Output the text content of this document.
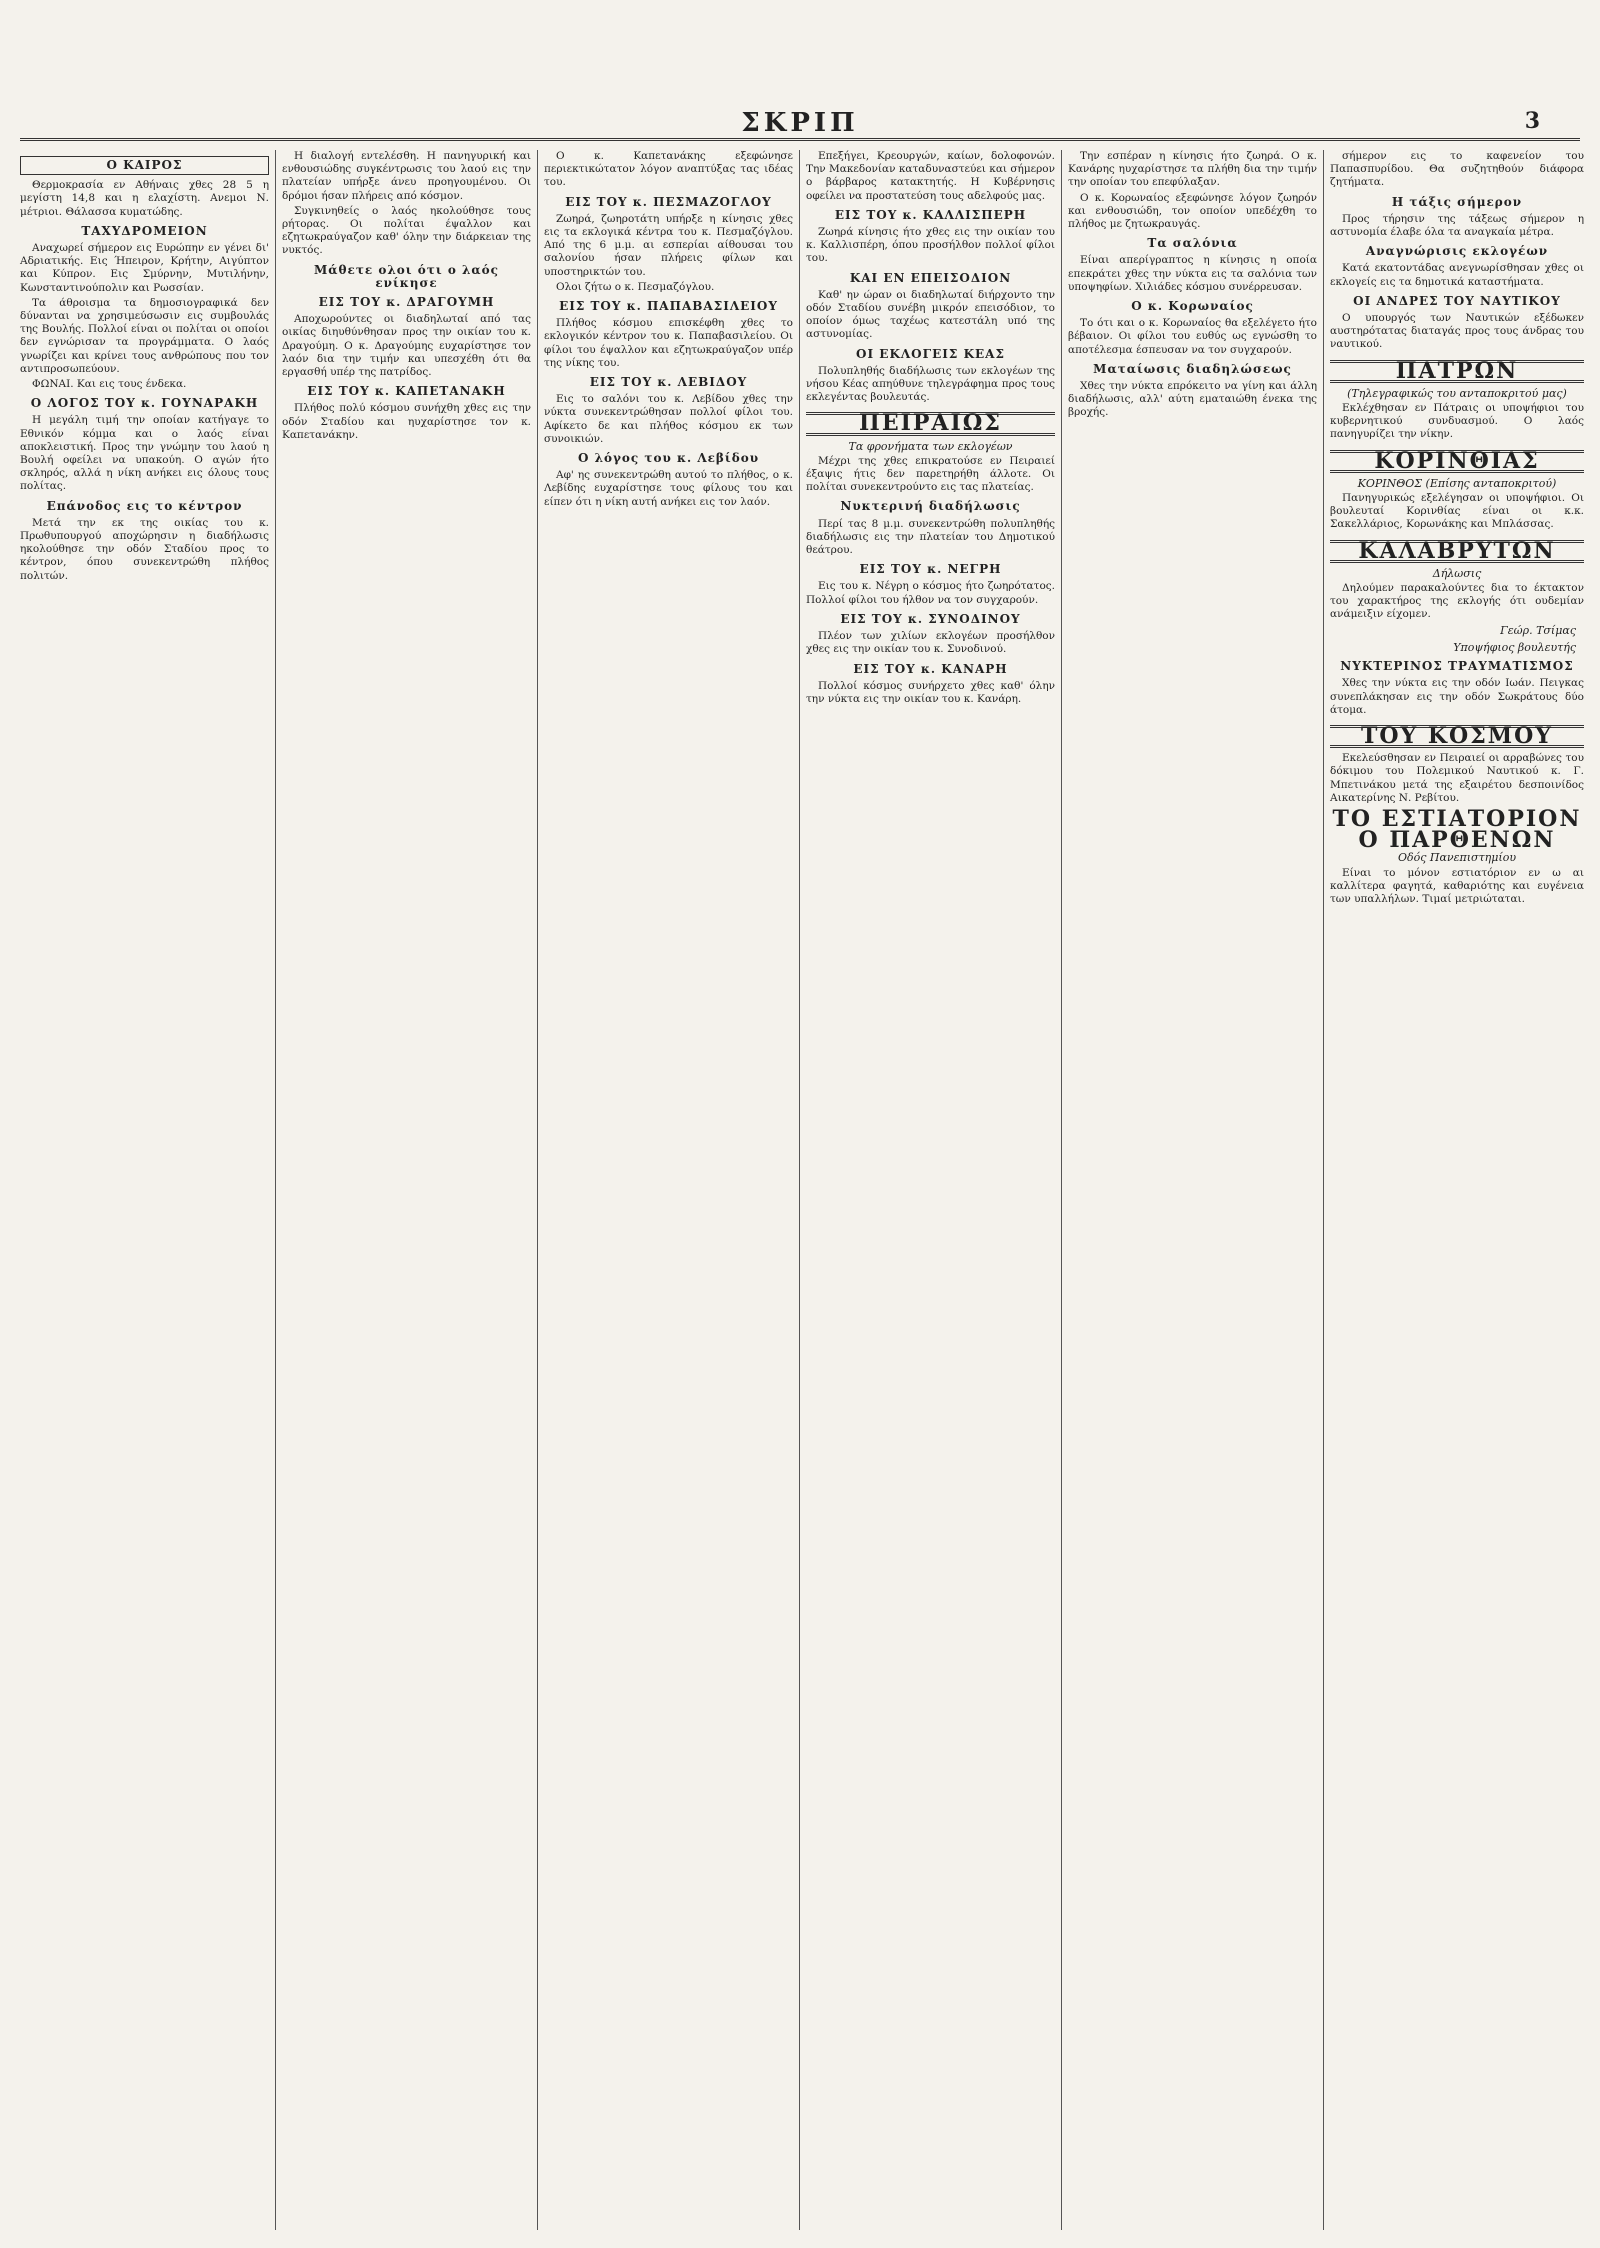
ΣΚΡΙΠ	3
Ο ΚΑΙΡΟΣ

Θερμοκρασία εν Αθήναις χθες 28 5 η μεγίστη 14,8 και η ελαχίστη. Ανεμοι Ν. μέτριοι. Θάλασσα κυματώδης.

ΤΑΧΥΔΡΟΜΕΙΟΝ

Αναχωρεί σήμερον εις Ευρώπην εν γένει δι' Αδριατικής. Εις Ήπειρον, Κρήτην, Αιγύπτον και Κύπρον. Εις Σμύρνην, Μυτιλήνην, Κωνσταντινούπολιν και Ρωσσίαν.

Τα άθροισμα τα δημοσιογραφικά δεν δύνανται να χρησιμεύσωσιν εις συμβουλάς της Βουλής. Πολλοί είναι οι πολίται οι οποίοι δεν εγνώρισαν τα προγράμματα. Ο λαός γνωρίζει και κρίνει τους ανθρώπους που τον αντιπροσωπεύουν.

ΦΩΝΑΙ. Και εις τους ένδεκα.

Ο ΛΟΓΟΣ ΤΟΥ κ. ΓΟΥΝΑΡΑΚΗ

Η μεγάλη τιμή την οποίαν κατήγαγε το Εθνικόν κόμμα και ο λαός είναι αποκλειστική. Προς την γνώμην του λαού η Βουλή οφείλει να υπακούη. Ο αγών ήτο σκληρός, αλλά η νίκη ανήκει εις όλους τους πολίτας.

Επάνοδος εις το κέντρον

Μετά την εκ της οικίας του κ. Πρωθυπουργού αποχώρησιν η διαδήλωσις ηκολούθησε την οδόν Σταδίου προς το κέντρον, όπου συνεκεντρώθη πλήθος πολιτών.

Η διαλογή εντελέσθη. Η πανηγυρική και ενθουσιώδης συγκέντρωσις του λαού εις την πλατείαν υπήρξε άνευ προηγουμένου. Οι δρόμοι ήσαν πλήρεις από κόσμον.

Συγκινηθείς ο λαός ηκολούθησε τους ρήτορας. Οι πολίται έψαλλον και εζητωκραύγαζον καθ' όλην την διάρκειαν της νυκτός.

Μάθετε ολοι ότι ο λαός ενίκησε
ΕΙΣ ΤΟΥ κ. ΔΡΑΓΟΥΜΗ

Αποχωρούντες οι διαδηλωταί από τας οικίας διηυθύνθησαν προς την οικίαν του κ. Δραγούμη. Ο κ. Δραγούμης ευχαρίστησε τον λαόν δια την τιμήν και υπεσχέθη ότι θα εργασθή υπέρ της πατρίδος.

ΕΙΣ ΤΟΥ κ. ΚΑΠΕΤΑΝΑΚΗ

Πλήθος πολύ κόσμου συνήχθη χθες εις την οδόν Σταδίου και ηυχαρίστησε τον κ. Καπετανάκην.

Ο κ. Καπετανάκης εξεφώνησε περιεκτικώτατον λόγον αναπτύξας τας ιδέας του.

ΕΙΣ ΤΟΥ κ. ΠΕΣΜΑΖΟΓΛΟΥ

Ζωηρά, ζωηροτάτη υπήρξε η κίνησις χθες εις τα εκλογικά κέντρα του κ. Πεσμαζόγλου. Από της 6 μ.μ. αι εσπερίαι αίθουσαι του σαλονίου ήσαν πλήρεις φίλων και υποστηρικτών του.

Ολοι ζήτω ο κ. Πεσμαζόγλου.

ΕΙΣ ΤΟΥ κ. ΠΑΠΑΒΑΣΙΛΕΙΟΥ

Πλήθος κόσμου επισκέφθη χθες το εκλογικόν κέντρον του κ. Παπαβασιλείου. Οι φίλοι του έψαλλον και εζητωκραύγαζον υπέρ της νίκης του.

ΕΙΣ ΤΟΥ κ. ΛΕΒΙΔΟΥ

Εις το σαλόνι του κ. Λεβίδου χθες την νύκτα συνεκεντρώθησαν πολλοί φίλοι του. Αφίκετο δε και πλήθος κόσμου εκ των συνοικιών.

Ο λόγος του κ. Λεβίδου

Αφ' ης συνεκεντρώθη αυτού το πλήθος, ο κ. Λεβίδης ευχαρίστησε τους φίλους του και είπεν ότι η νίκη αυτή ανήκει εις τον λαόν.

Επεξήγει, Κρεουργών, καίων, δολοφονών. Την Μακεδονίαν καταδυναστεύει και σήμερον ο βάρβαρος κατακτητής. Η Κυβέρνησις οφείλει να προστατεύση τους αδελφούς μας.

ΕΙΣ ΤΟΥ κ. ΚΑΛΛΙΣΠΕΡΗ

Ζωηρά κίνησις ήτο χθες εις την οικίαν του κ. Καλλισπέρη, όπου προσήλθον πολλοί φίλοι του.

ΚΑΙ ΕΝ ΕΠΕΙΣΟΔΙΟΝ

Καθ' ην ώραν οι διαδηλωταί διήρχοντο την οδόν Σταδίου συνέβη μικρόν επεισόδιον, το οποίον όμως ταχέως κατεστάλη υπό της αστυνομίας.

ΟΙ ΕΚΛΟΓΕΙΣ ΚΕΑΣ

Πολυπληθής διαδήλωσις των εκλογέων της νήσου Κέας απηύθυνε τηλεγράφημα προς τους εκλεγέντας βουλευτάς.

ΠΕΙΡΑΙΩΣ
Τα φρονήματα των εκλογέων

Μέχρι της χθες επικρατούσε εν Πειραιεί έξαψις ήτις δεν παρετηρήθη άλλοτε. Οι πολίται συνεκεντρούντο εις τας πλατείας.

Νυκτερινή διαδήλωσις

Περί τας 8 μ.μ. συνεκεντρώθη πολυπληθής διαδήλωσις εις την πλατείαν του Δημοτικού θεάτρου.

ΕΙΣ ΤΟΥ κ. ΝΕΓΡΗ

Εις του κ. Νέγρη ο κόσμος ήτο ζωηρότατος. Πολλοί φίλοι του ήλθον να τον συγχαρούν.

ΕΙΣ ΤΟΥ κ. ΣΥΝΟΔΙΝΟΥ

Πλέον των χιλίων εκλογέων προσήλθον χθες εις την οικίαν του κ. Συνοδινού.

ΕΙΣ ΤΟΥ κ. ΚΑΝΑΡΗ

Πολλοί κόσμος συνήρχετο χθες καθ' όλην την νύκτα εις την οικίαν του κ. Κανάρη.

Την εσπέραν η κίνησις ήτο ζωηρά. Ο κ. Κανάρης ηυχαρίστησε τα πλήθη δια την τιμήν την οποίαν του επεφύλαξαν.

Ο κ. Κορωναίος εξεφώνησε λόγον ζωηρόν και ενθουσιώδη, τον οποίον υπεδέχθη το πλήθος με ζητωκραυγάς.

Τα σαλόνια

Είναι απερίγραπτος η κίνησις η οποία επεκράτει χθες την νύκτα εις τα σαλόνια των υποψηφίων. Χιλιάδες κόσμου συνέρρευσαν.

Ο κ. Κορωναίος

Το ότι και ο κ. Κορωναίος θα εξελέγετο ήτο βέβαιον. Οι φίλοι του ευθύς ως εγνώσθη το αποτέλεσμα έσπευσαν να τον συγχαρούν.

Ματαίωσις διαδηλώσεως

Χθες την νύκτα επρόκειτο να γίνη και άλλη διαδήλωσις, αλλ' αύτη εματαιώθη ένεκα της βροχής.

σήμερον εις το καφενείον του Παπασπυρίδου. Θα συζητηθούν διάφορα ζητήματα.

Η τάξις σήμερον

Προς τήρησιν της τάξεως σήμερον η αστυνομία έλαβε όλα τα αναγκαία μέτρα.

Αναγνώρισις εκλογέων

Κατά εκατοντάδας ανεγνωρίσθησαν χθες οι εκλογείς εις τα δημοτικά καταστήματα.

ΟΙ ΑΝΔΡΕΣ ΤΟΥ ΝΑΥΤΙΚΟΥ

Ο υπουργός των Ναυτικών εξέδωκεν αυστηρότατας διαταγάς προς τους άνδρας του ναυτικού.

ΠΑΤΡΩΝ
(Τηλεγραφικώς του ανταποκριτού μας)

Εκλέχθησαν εν Πάτραις οι υποψήφιοι του κυβερνητικού συνδυασμού. Ο λαός πανηγυρίζει την νίκην.

ΚΟΡΙΝΘΙΑΣ
ΚΟΡΙΝΘΟΣ (Επίσης ανταποκριτού)

Πανηγυρικώς εξελέγησαν οι υποψήφιοι. Οι βουλευταί Κορινθίας είναι οι κ.κ. Σακελλάριος, Κορωνάκης και Μπλάσσας.

ΚΑΛΑΒΡΥΤΩΝ
Δήλωσις

Δηλούμεν παρακαλούντες δια το έκτακτον του χαρακτήρος της εκλογής ότι ουδεμίαν ανάμειξιν είχομεν.

Γεώρ. Τσίμας
Υποψήφιος βουλευτής
ΝΥΚΤΕΡΙΝΟΣ ΤΡΑΥΜΑΤΙΣΜΟΣ

Χθες την νύκτα εις την οδόν Ιωάν. Πειγκας συνεπλάκησαν εις την οδόν Σωκράτους δύο άτομα.

ΤΟΥ ΚΟΣΜΟΥ

Εκελεύσθησαν εν Πειραιεί οι αρραβώνες του δόκιμου του Πολεμικού Ναυτικού κ. Γ. Μπετινάκου μετά της εξαιρέτου δεσποινίδος Αικατερίνης Ν. Ρεβίτου.

ΤΟ ΕΣΤΙΑΤΟΡΙΟΝ
Ο ΠΑΡΘΕΝΩΝ
Οδός Πανεπιστημίου

Είναι το μόνον εστιατόριον εν ω αι καλλίτερα φαγητά, καθαριότης και ευγένεια των υπαλλήλων. Τιμαί μετριώταται.
